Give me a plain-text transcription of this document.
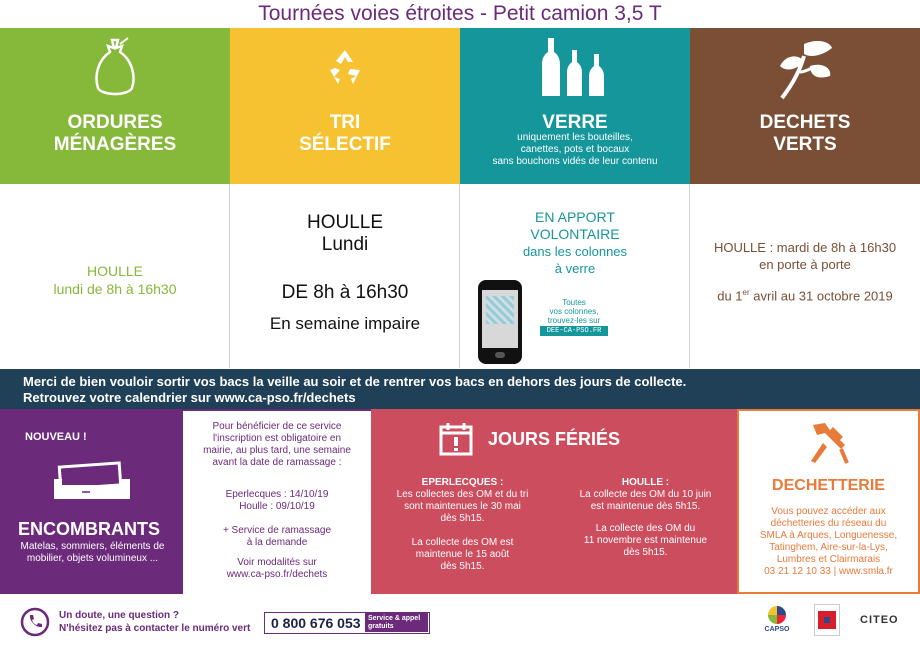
Tournées voies étroites - Petit camion 3,5 T
ORDURES
MÉNAGÈRES
TRI
SÉLECTIF
VERRE
uniquement les bouteilles,
canettes, pots et bocaux
sans bouchons vidés de leur contenu
DECHETS
VERTS
HOULLE
lundi de 8h à 16h30
HOULLE
Lundi
DE 8h à 16h30
En semaine impaire
EN APPORT
VOLONTAIRE
dans les colonnes
à verre
Toutes
vos colonnes,
trouvez-les sur
DEE-CA-PSO.FR
HOULLE : mardi de 8h à 16h30
en porte à porte
du 1er avril au 31 octobre 2019
Merci de bien vouloir sortir vos bacs la veille au soir et de rentrer vos bacs en dehors des jours de collecte.
Retrouvez votre calendrier sur www.ca-pso.fr/dechets
NOUVEAU !
ENCOMBRANTS
Matelas, sommiers, éléments de
mobilier, objets volumineux ...
Pour bénéficier de ce service
l'inscription est obligatoire en
mairie, au plus tard, une semaine
avant la date de ramassage :
Eperlecques : 14/10/19
Houlle : 09/10/19
+ Service de ramassage
à la demande
Voir modalités sur
www.ca-pso.fr/dechets
JOURS FÉRIÉS
EPERLECQUES :
Les collectes des OM et du tri
sont maintenues le 30 mai
dès 5h15.
La collecte des OM est
maintenue le 15 août
dès 5h15.
HOULLE :
La collecte des OM du 10 juin
est maintenue dès 5h15.
La collecte des OM du
11 novembre est maintenue
dès 5h15.
DECHETTERIE
Vous pouvez accéder aux
déchetteries du réseau du
SMLA à Arques, Longuenesse,
Tatinghem, Aire-sur-la-Lys,
Lumbres et Clairmarais
03 21 12 10 33 | www.smla.fr
Un doute, une question ?
N'hésitez pas à contacter le numéro vert 0 800 676 053 Service & appel
gratuits	CAPSO
CITEO
